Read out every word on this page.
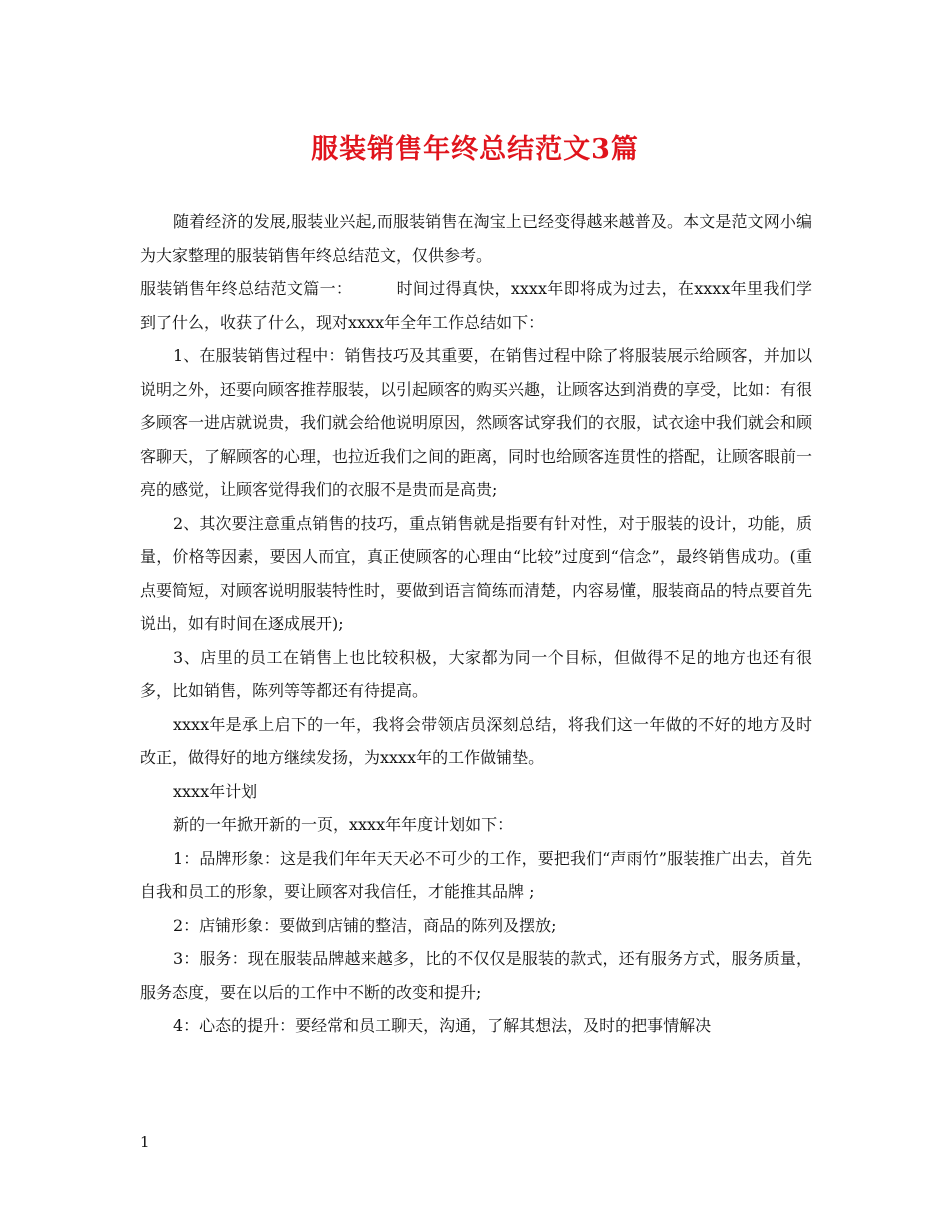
服装销售年终总结范文3篇

随着经济的发展,服装业兴起,而服装销售在淘宝上已经变得越来越普及。本文是范文网小编为大家整理的服装销售年终总结范文，仅供参考。

服装销售年终总结范文篇一：	时间过得真快，xxxx年即将成为过去，在xxxx年里我们学到了什么，收获了什么，现对xxxx年全年工作总结如下：

1、在服装销售过程中：销售技巧及其重要，在销售过程中除了将服装展示给顾客，并加以说明之外，还要向顾客推荐服装，以引起顾客的购买兴趣，让顾客达到消费的享受，比如：有很多顾客一进店就说贵，我们就会给他说明原因，然顾客试穿我们的衣服，试衣途中我们就会和顾客聊天，了解顾客的心理，也拉近我们之间的距离，同时也给顾客连贯性的搭配，让顾客眼前一亮的感觉，让顾客觉得我们的衣服不是贵而是高贵;

2、其次要注意重点销售的技巧，重点销售就是指要有针对性，对于服装的设计，功能，质量，价格等因素，要因人而宜，真正使顾客的心理由“比较”过度到“信念”，最终销售成功。(重点要简短，对顾客说明服装特性时，要做到语言简练而清楚，内容易懂，服装商品的特点要首先说出，如有时间在逐成展开);

3、店里的员工在销售上也比较积极，大家都为同一个目标，但做得不足的地方也还有很多，比如销售，陈列等等都还有待提高。

xxxx年是承上启下的一年，我将会带领店员深刻总结，将我们这一年做的不好的地方及时改正，做得好的地方继续发扬，为xxxx年的工作做铺垫。

xxxx年计划

新的一年掀开新的一页，xxxx年年度计划如下：

1：品牌形象：这是我们年年天天必不可少的工作，要把我们“声雨竹”服装推广出去，首先自我和员工的形象，要让顾客对我信任，才能推其品牌 ;

2：店铺形象：要做到店铺的整洁，商品的陈列及摆放;

3：服务：现在服装品牌越来越多，比的不仅仅是服装的款式，还有服务方式，服务质量，服务态度，要在以后的工作中不断的改变和提升;

4：心态的提升：要经常和员工聊天，沟通，了解其想法，及时的把事情解决

1
